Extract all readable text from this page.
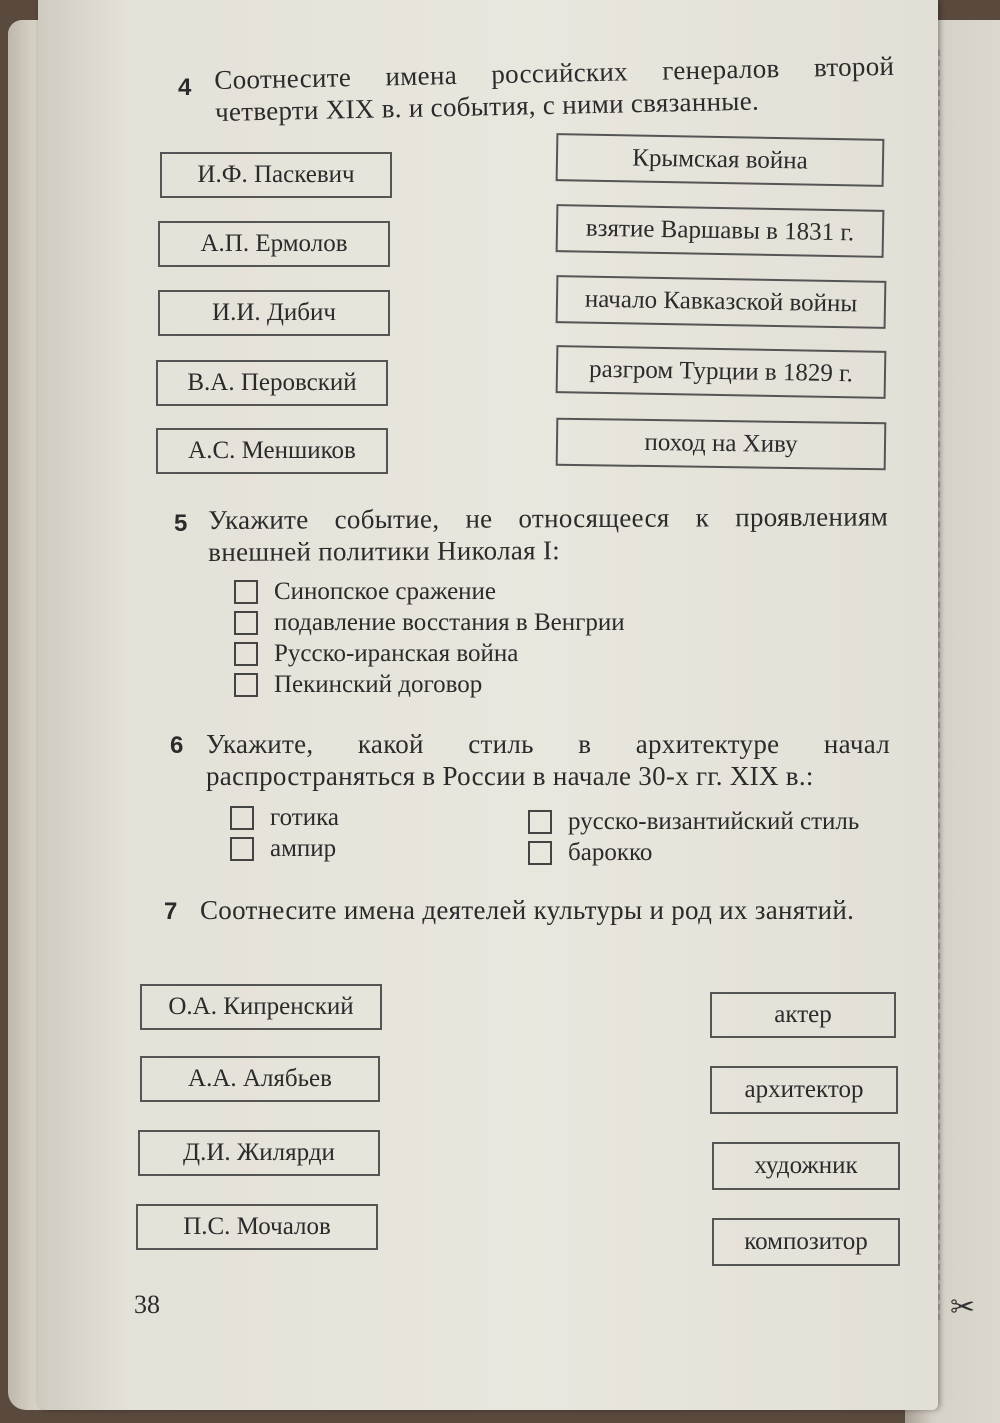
4 Соотнесите имена российских генералов второй четверти XIX в. и события, с ними связанные.
И.Ф. Паскевич
А.П. Ермолов
И.И. Дибич
В.А. Перовский
А.С. Меншиков
Крымская война
взятие Варшавы в 1831 г.
начало Кавказской войны
разгром Турции в 1829 г.
поход на Хиву
5 Укажите событие, не относящееся к проявлениям внешней политики Николая I:
Синопское сражение
подавление восстания в Венгрии
Русско-иранская война
Пекинский договор
6 Укажите, какой стиль в архитектуре начал распространяться в России в начале 30-х гг. XIX в.:
готика
ампир
русско-византийский стиль
барокко
7 Соотнесите имена деятелей культуры и род их занятий.
О.А. Кипренский
А.А. Алябьев
Д.И. Жилярди
П.С. Мочалов
актер
архитектор
художник
композитор
38	✂
